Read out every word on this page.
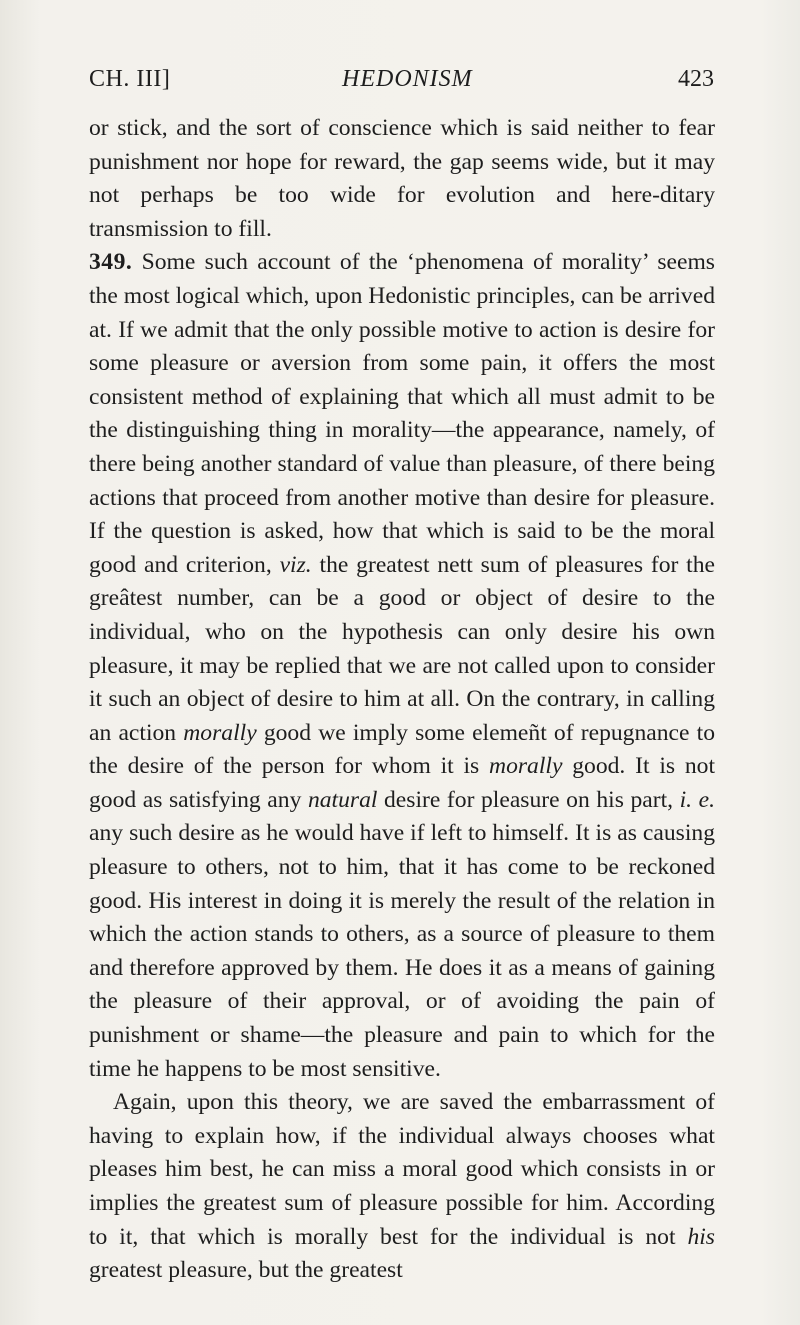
CH. III]	HEDONISM	423

or stick, and the sort of conscience which is said neither to fear punishment nor hope for reward, the gap seems wide, but it may not perhaps be too wide for evolution and here-ditary transmission to fill.

349. Some such account of the ‘phenomena of morality’ seems the most logical which, upon Hedonistic principles, can be arrived at. If we admit that the only possible motive to action is desire for some pleasure or aversion from some pain, it offers the most consistent method of explaining that which all must admit to be the distinguishing thing in morality—the appearance, namely, of there being another standard of value than pleasure, of there being actions that proceed from another motive than desire for pleasure. If the question is asked, how that which is said to be the moral good and criterion, viz. the greatest nett sum of pleasures for the greâtest number, can be a good or object of desire to the individual, who on the hypothesis can only desire his own pleasure, it may be replied that we are not called upon to consider it such an object of desire to him at all. On the contrary, in calling an action morally good we imply some elemeñt of repugnance to the desire of the person for whom it is morally good. It is not good as satisfying any natural desire for pleasure on his part, i. e. any such desire as he would have if left to himself. It is as causing pleasure to others, not to him, that it has come to be reckoned good. His interest in doing it is merely the result of the relation in which the action stands to others, as a source of pleasure to them and therefore approved by them. He does it as a means of gaining the pleasure of their approval, or of avoiding the pain of punishment or shame—the pleasure and pain to which for the time he happens to be most sensitive.

Again, upon this theory, we are saved the embarrassment of having to explain how, if the individual always chooses what pleases him best, he can miss a moral good which consists in or implies the greatest sum of pleasure possible for him. According to it, that which is morally best for the individual is not his greatest pleasure, but the greatest
